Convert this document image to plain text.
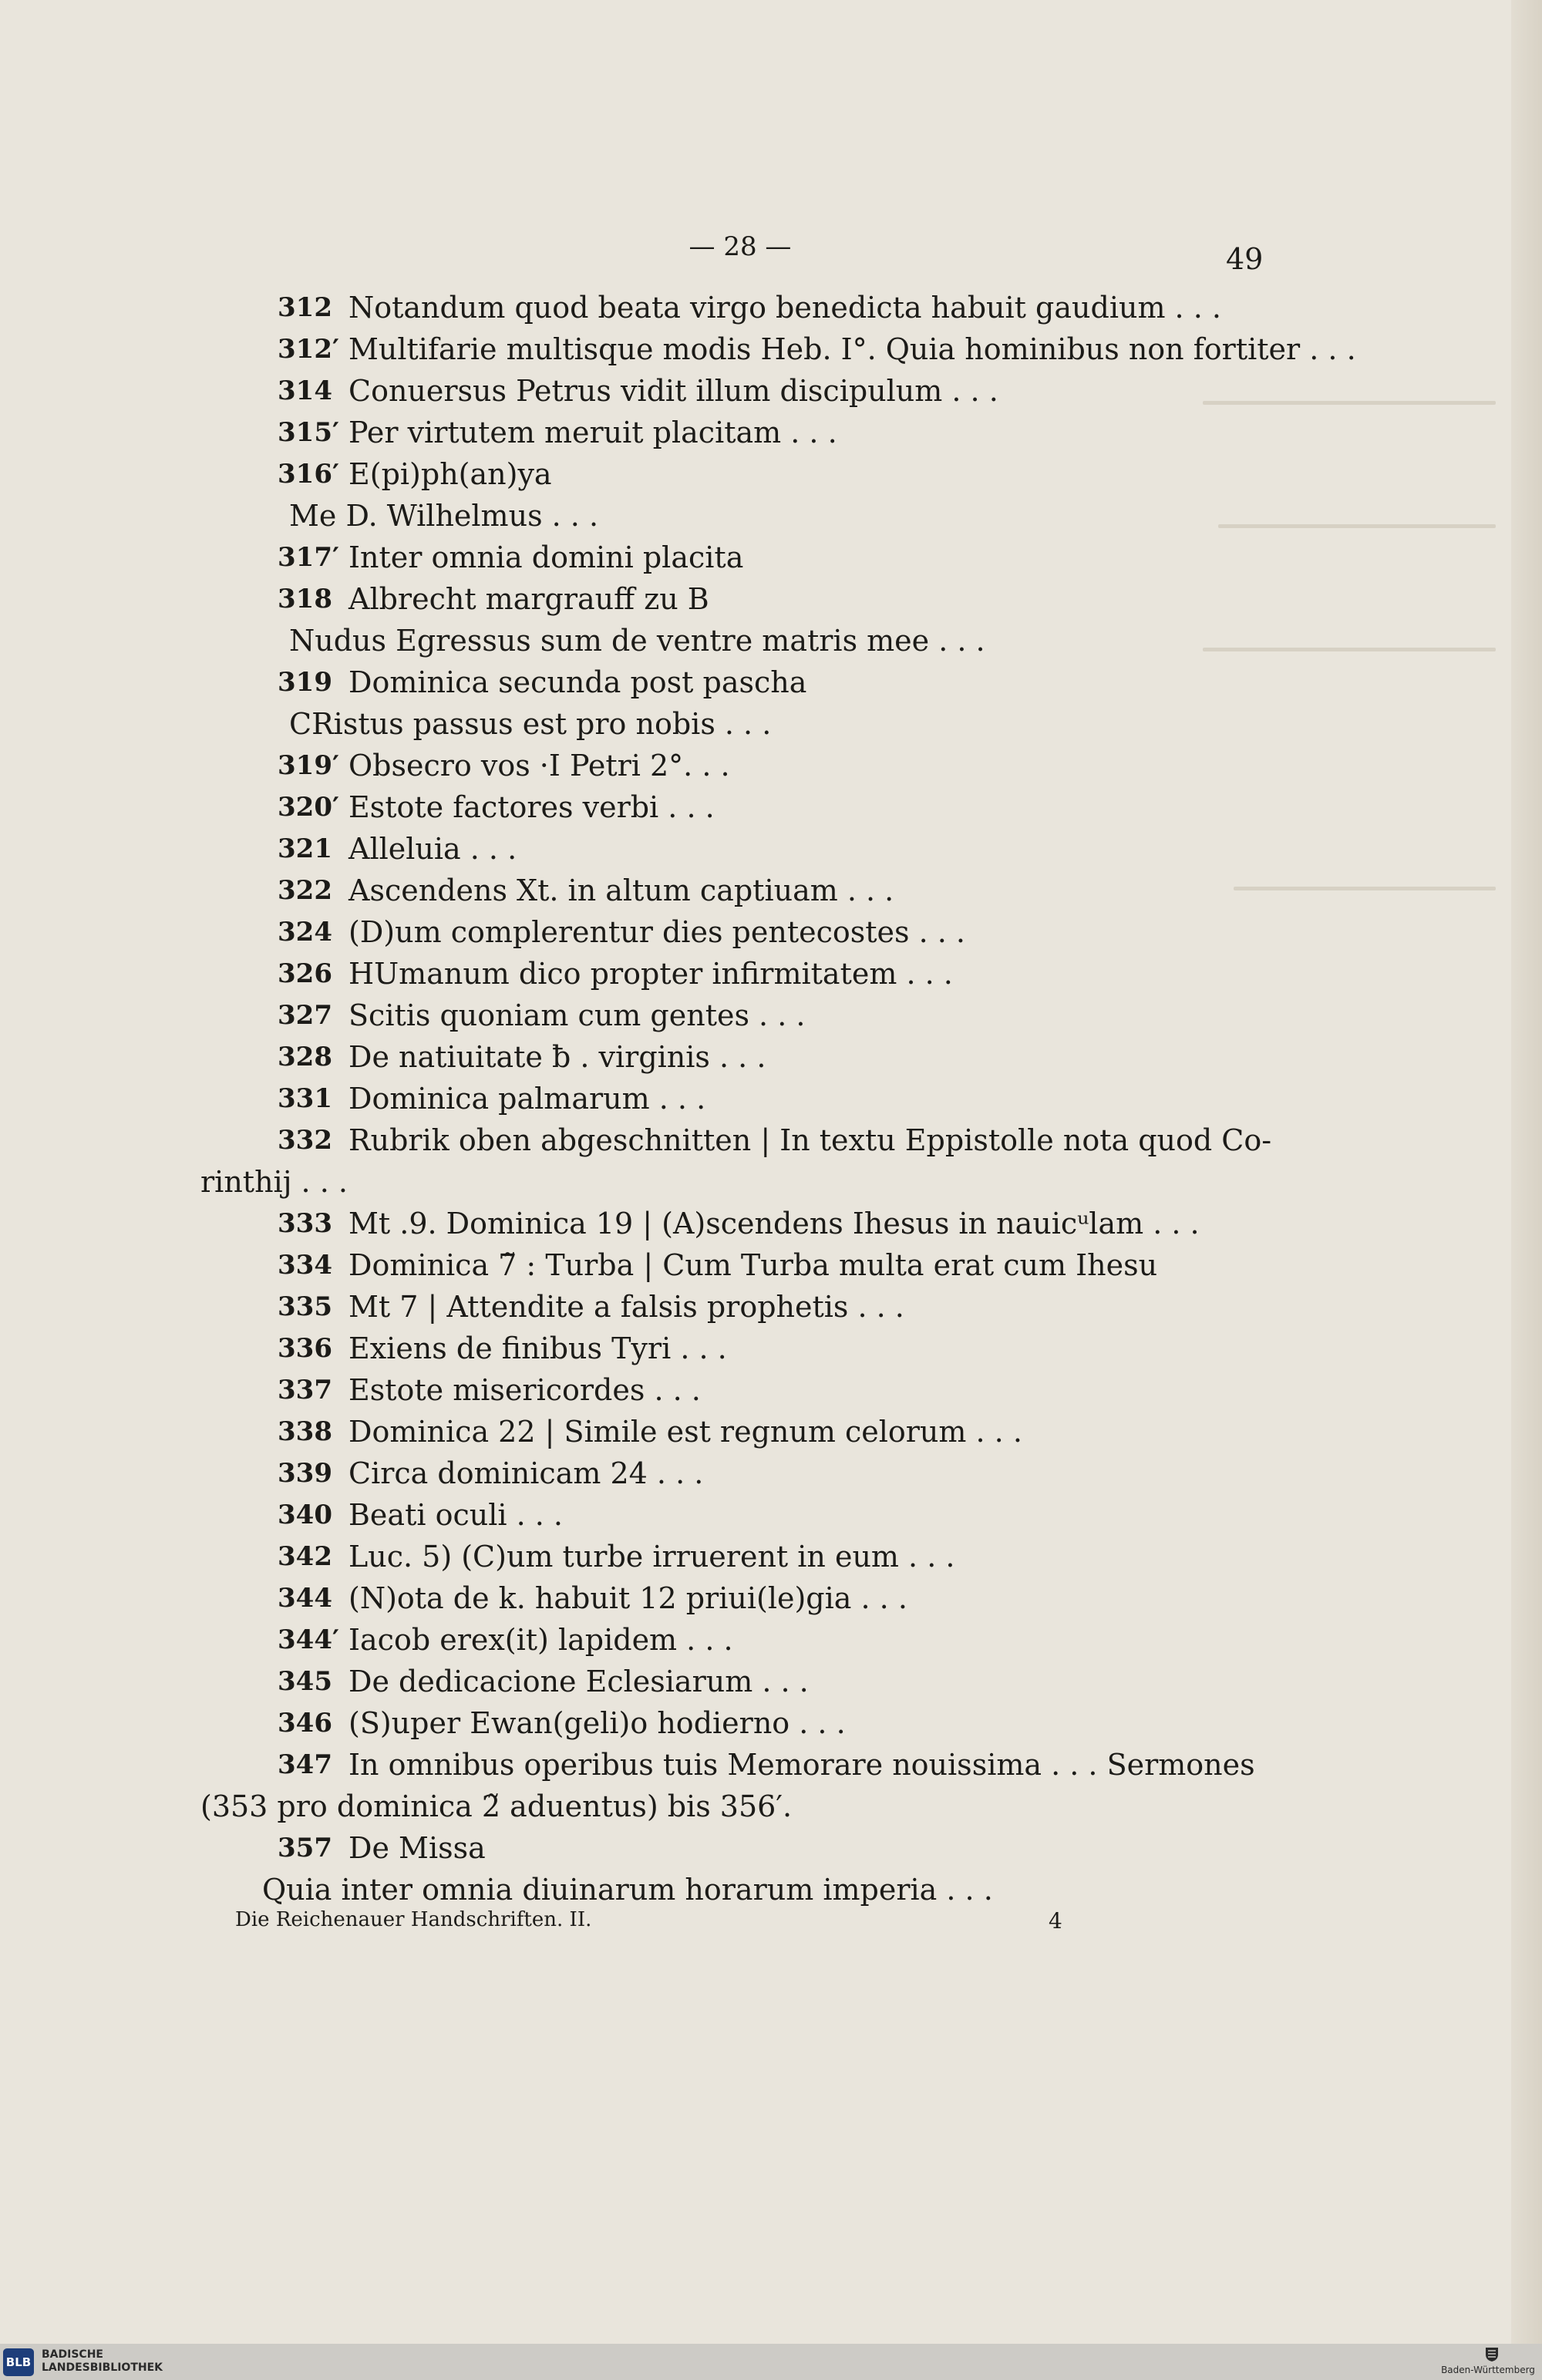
— 28 —	49
312 Notandum quod beata virgo benedicta habuit gaudium . . .
312′ Multifarie multisque modis Heb. I°. Quia hominibus non fortiter . . .
314 Conuersus Petrus vidit illum discipulum . . .
315′ Per virtutem meruit placitam . . .
316′ E(pi)ph(an)ya
Me D. Wilhelmus . . .
317′ Inter omnia domini placita
318 Albrecht margrauff zu B
Nudus Egressus sum de ventre matris mee . . .
319 Dominica secunda post pascha
CRistus passus est pro nobis . . .
319′ Obsecro vos ·I Petri 2°. . .
320′ Estote factores verbi . . .
321 Alleluia . . .
322 Ascendens Xt. in altum captiuam . . .
324 (D)um complerentur dies pentecostes . . .
326 HUmanum dico propter infirmitatem . . .
327 Scitis quoniam cum gentes . . .
328 De natiuitate ƀ . virginis . . .
331 Dominica palmarum . . .
332 Rubrik oben abgeschnitten | In textu Eppistolle nota quod Co-
rinthij . . .
333 Mt .9. Dominica 19 | (A)scendens Ihesus in nauicᵘlam . . .
334 Dominica 7̃ : Turba | Cum Turba multa erat cum Ihesu
335 Mt 7 | Attendite a falsis prophetis . . .
336 Exiens de finibus Tyri . . .
337 Estote misericordes . . .
338 Dominica 22 | Simile est regnum celorum . . .
339 Circa dominicam 24 . . .
340 Beati oculi . . .
342 Luc. 5) (C)um turbe irruerent in eum . . .
344 (N)ota de k. habuit 12 priui(le)gia . . .
344′ Iacob erex(it) lapidem . . .
345 De dedicacione Eclesiarum . . .
346 (S)uper Ewan(geli)o hodierno . . .
347 In omnibus operibus tuis Memorare nouissima . . . Sermones
(353 pro dominica 2̃ aduentus) bis 356′.
357 De Missa
Quia inter omnia diuinarum horarum imperia . . .
Die Reichenauer Handschriften. II.	4
BLB
BADISCHE
LANDESBIBLIOTHEK	Baden-Württemberg
